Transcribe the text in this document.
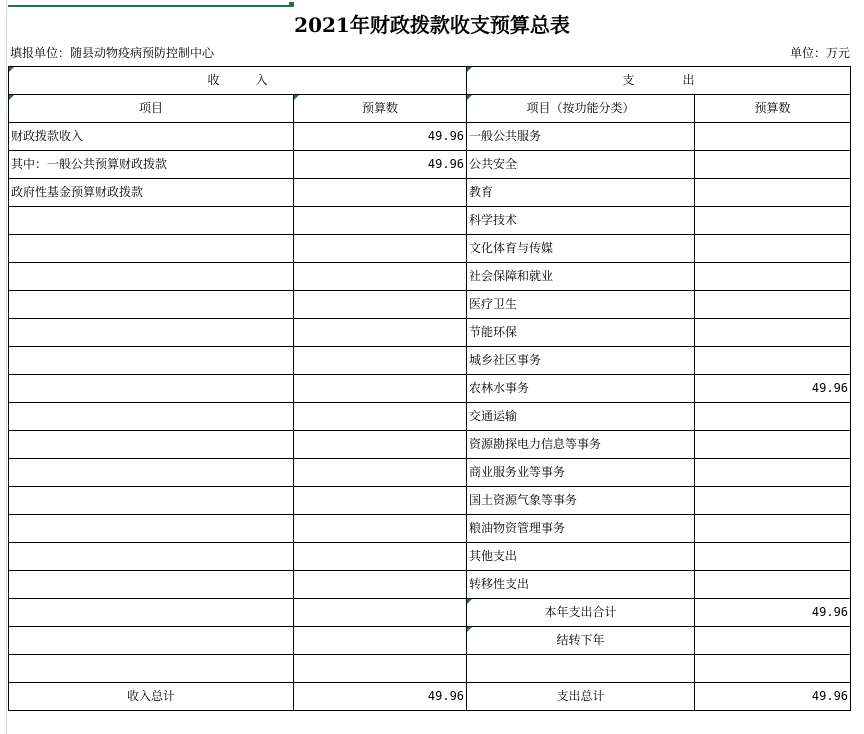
2021年财政拨款收支预算总表
填报单位：随县动物疫病预防控制中心	单位：万元
收　　　入		支　　　　出	
项目	预算数	项目（按功能分类）	预算数
财政拨款收入	49.96	一般公共服务	
其中：一般公共预算财政拨款	49.96	公共安全	
政府性基金预算财政拨款		教育	
		科学技术	
		文化体育与传媒	
		社会保障和就业	
		医疗卫生	
		节能环保	
		城乡社区事务	
		农林水事务	49.96
		交通运输	
		资源勘探电力信息等事务	
		商业服务业等事务	
		国土资源气象等事务	
		粮油物资管理事务	
		其他支出	
		转移性支出	
		本年支出合计	49.96
		结转下年	

收入总计	49.96	支出总计	49.96
